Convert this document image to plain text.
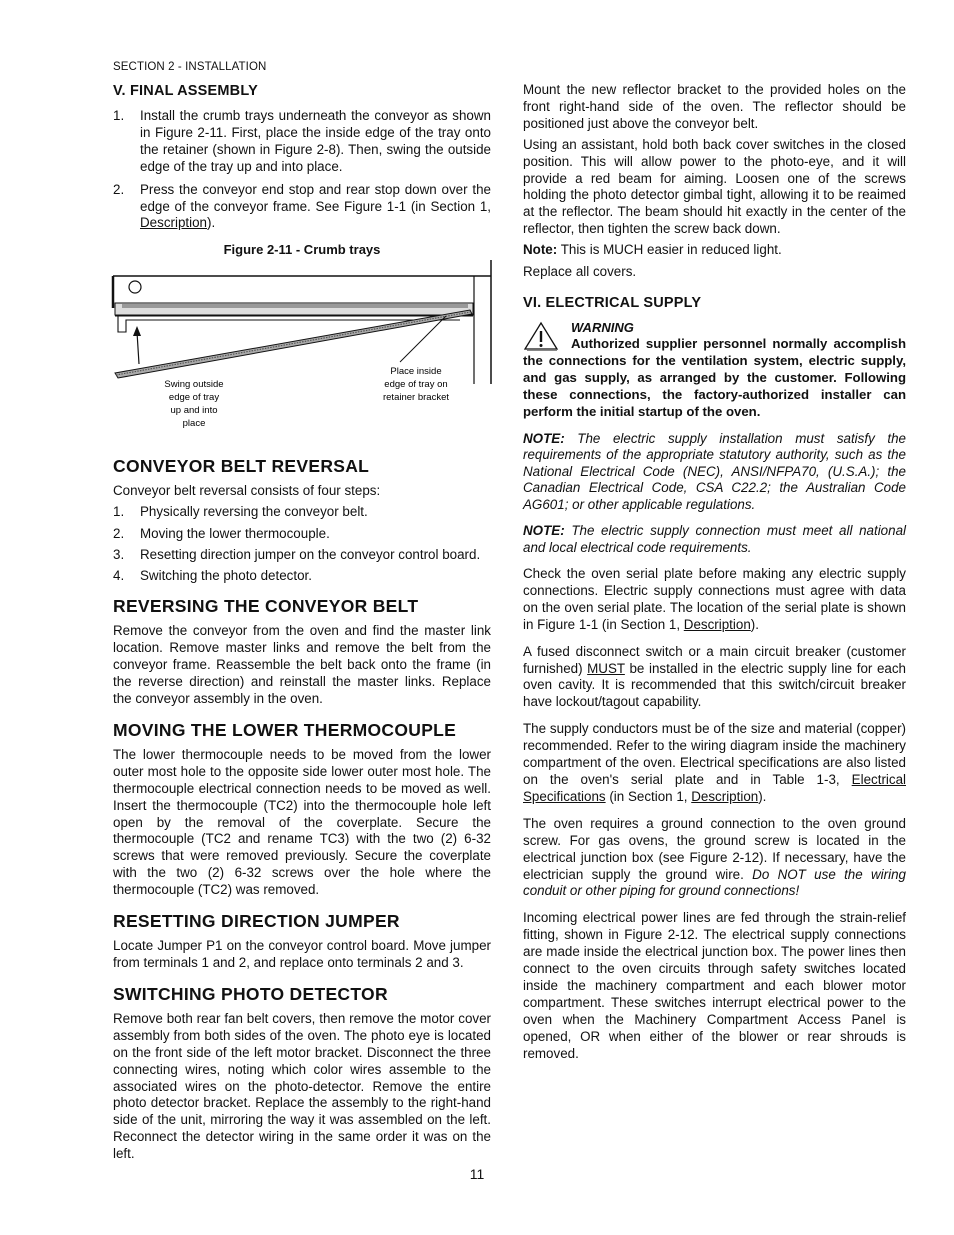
SECTION 2 - INSTALLATION
V. FINAL ASSEMBLY
1. Install the crumb trays underneath the conveyor as shown in Figure 2-11. First, place the inside edge of the tray onto the retainer (shown in Figure 2-8). Then, swing the outside edge of the tray up and into place.
2. Press the conveyor end stop and rear stop down over the edge of the conveyor frame. See Figure 1-1 (in Section 1, Description).
Figure 2-11 - Crumb trays
Swing outside
edge of tray
up and into
place
Place inside
edge of tray on
retainer bracket
CONVEYOR BELT REVERSAL

Conveyor belt reversal consists of four steps:

1. Physically reversing the conveyor belt.
2. Moving the lower thermocouple.
3. Resetting direction jumper on the conveyor control board.
4. Switching the photo detector.
REVERSING THE CONVEYOR BELT

Remove the conveyor from the oven and find the master link location. Remove master links and remove the belt from the conveyor frame. Reassemble the belt back onto the frame (in the reverse direction) and reinstall the master links. Replace the conveyor assembly in the oven.

MOVING THE LOWER THERMOCOUPLE

The lower thermocouple needs to be moved from the lower outer most hole to the opposite side lower outer most hole. The thermocouple electrical connection needs to be moved as well. Insert the thermocouple (TC2) into the thermocouple hole left open by the removal of the coverplate. Secure the thermocouple (TC2 and rename TC3) with the two (2) 6-32 screws that were removed previously. Secure the coverplate with the two (2) 6-32 screws over the hole where the thermocouple (TC2) was removed.

RESETTING DIRECTION JUMPER

Locate Jumper P1 on the conveyor control board. Move jumper from terminals 1 and 2, and replace onto terminals 2 and 3.

SWITCHING PHOTO DETECTOR

Remove both rear fan belt covers, then remove the motor cover assembly from both sides of the oven. The photo eye is located on the front side of the left motor bracket. Disconnect the three connecting wires, noting which color wires assemble to the associated wires on the photo-detector. Remove the entire photo detector bracket. Replace the assembly to the right-hand side of the unit, mirroring the way it was assembled on the left. Reconnect the detector wiring in the same order it was on the left.

Mount the new reflector bracket to the provided holes on the front right-hand side of the oven. The reflector should be positioned just above the conveyor belt.

Using an assistant, hold both back cover switches in the closed position. This will allow power to the photo-eye, and it will provide a red beam for aiming. Loosen one of the screws holding the photo detector gimbal tight, allowing it to be reaimed at the reflector. The beam should hit exactly in the center of the reflector, then tighten the screw back down.

Note: This is MUCH easier in reduced light.

Replace all covers.

VI. ELECTRICAL SUPPLY
WARNING
Authorized supplier personnel normally accomplish the connections for the ventilation system, electric supply, and gas supply, as arranged by the customer. Following these connections, the factory-authorized installer can perform the initial startup of the oven.

NOTE: The electric supply installation must satisfy the requirements of the appropriate statutory authority, such as the National Electrical Code (NEC), ANSI/NFPA70, (U.S.A.); the Canadian Electrical Code, CSA C22.2; the Australian Code AG601; or other applicable regulations.

NOTE: The electric supply connection must meet all national and local electrical code requirements.

Check the oven serial plate before making any electric supply connections. Electric supply connections must agree with data on the oven serial plate. The location of the serial plate is shown in Figure 1-1 (in Section 1, Description).

A fused disconnect switch or a main circuit breaker (customer furnished) MUST be installed in the electric supply line for each oven cavity. It is recommended that this switch/circuit breaker have lockout/tagout capability.

The supply conductors must be of the size and material (copper) recommended. Refer to the wiring diagram inside the machinery compartment of the oven. Electrical specifications are also listed on the oven's serial plate and in Table 1-3, Electrical Specifications (in Section 1, Description).

The oven requires a ground connection to the oven ground screw. For gas ovens, the ground screw is located in the electrical junction box (see Figure 2-12). If necessary, have the electrician supply the ground wire. Do NOT use the wiring conduit or other piping for ground connections!

Incoming electrical power lines are fed through the strain-relief fitting, shown in Figure 2-12. The electrical supply connections are made inside the electrical junction box. The power lines then connect to the oven circuits through safety switches located inside the machinery compartment and each blower motor compartment. These switches interrupt electrical power to the oven when the Machinery Compartment Access Panel is opened, OR when either of the blower or rear shrouds is removed.

11
